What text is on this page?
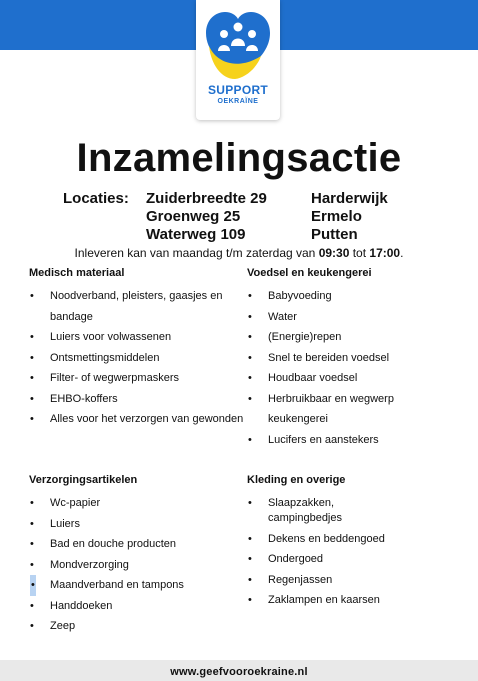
SUPPORT
OEKRAÏNE
Inzamelingsactie
Locaties: Zuiderbreedte 29
Groenweg 25
Waterweg 109
Harderwijk
Ermelo
Putten
Inleveren kan van maandag t/m zaterdag van 09:30 tot 17:00.
Medisch materiaal
• Noodverband, pleisters, gaasjes en bandage
• Luiers voor volwassenen
• Ontsmettingsmiddelen
• Filter- of wegwerpmaskers
• EHBO-koffers
• Alles voor het verzorgen van gewonden
Voedsel en keukengerei
• Babyvoeding
• Water
• (Energie)repen
• Snel te bereiden voedsel
• Houdbaar voedsel
• Herbruikbaar en wegwerp keukengerei
• Lucifers en aanstekers
Verzorgingsartikelen
• Wc-papier
• Luiers
• Bad en douche producten
• Mondverzorging
• Maandverband en tampons
• Handdoeken
• Zeep
Kleding en overige
• Slaapzakken, campingbedjes
• Dekens en beddengoed
• Ondergoed
• Regenjassen
• Zaklampen en kaarsen
www.geefvooroekraine.nl
